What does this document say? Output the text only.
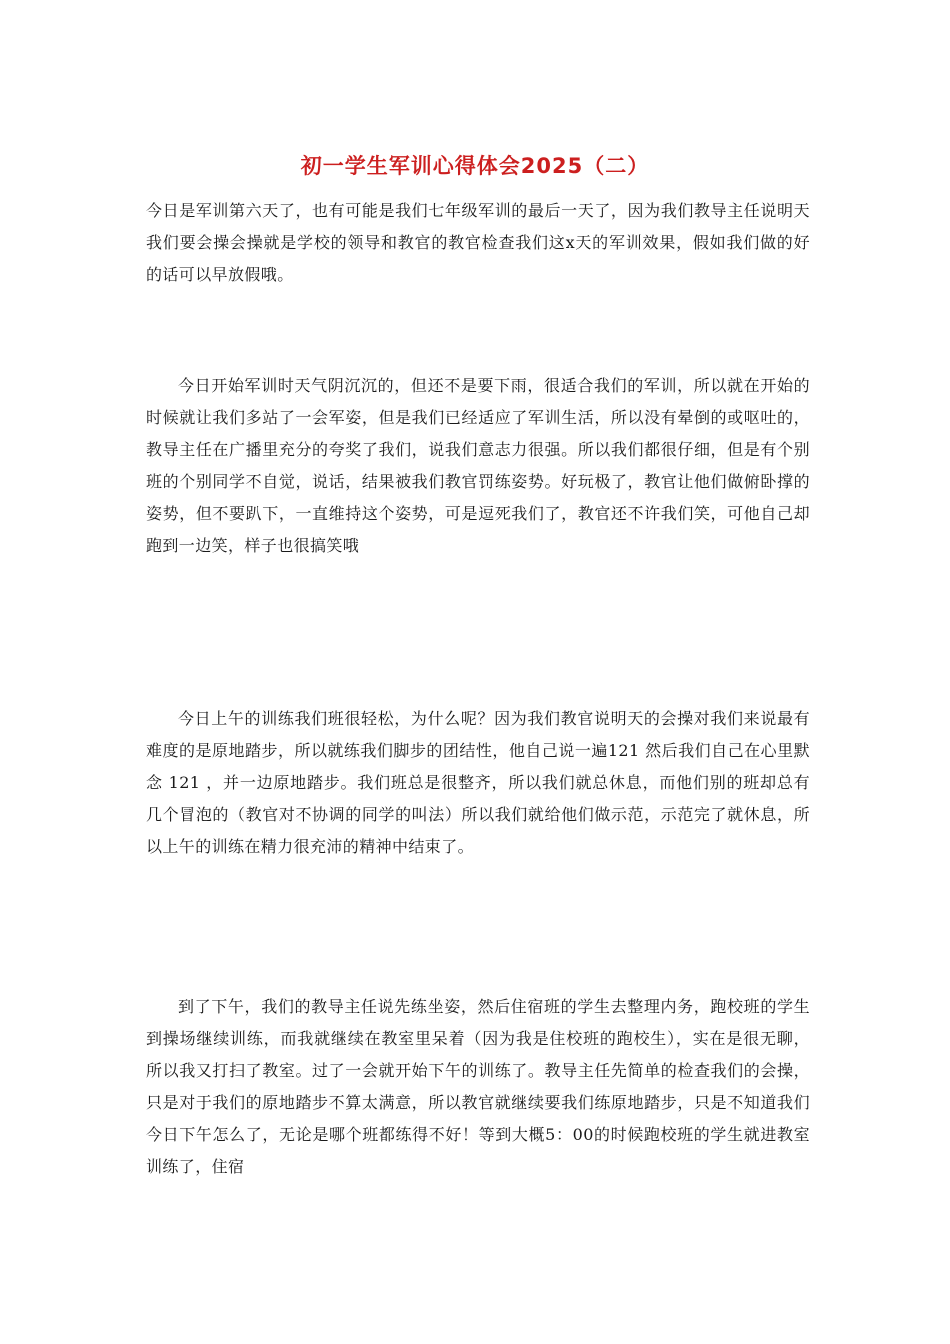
初一学生军训心得体会2025（二）

今日是军训第六天了，也有可能是我们七年级军训的最后一天了，因为我们教导主任说明天我们要会操会操就是学校的领导和教官的教官检查我们这x天的军训效果，假如我们做的好的话可以早放假哦。

今日开始军训时天气阴沉沉的，但还不是要下雨，很适合我们的军训，所以就在开始的时候就让我们多站了一会军姿，但是我们已经适应了军训生活，所以没有晕倒的或呕吐的，教导主任在广播里充分的夸奖了我们，说我们意志力很强。所以我们都很仔细，但是有个别班的个别同学不自觉，说话，结果被我们教官罚练姿势。好玩极了，教官让他们做俯卧撑的姿势，但不要趴下，一直维持这个姿势，可是逗死我们了，教官还不许我们笑，可他自己却跑到一边笑，样子也很搞笑哦

今日上午的训练我们班很轻松，为什么呢？因为我们教官说明天的会操对我们来说最有难度的是原地踏步，所以就练我们脚步的团结性，他自己说一遍121 然后我们自己在心里默念 121 ，并一边原地踏步。我们班总是很整齐，所以我们就总休息，而他们别的班却总有几个冒泡的（教官对不协调的同学的叫法）所以我们就给他们做示范，示范完了就休息，所以上午的训练在精力很充沛的精神中结束了。

到了下午，我们的教导主任说先练坐姿，然后住宿班的学生去整理内务，跑校班的学生到操场继续训练，而我就继续在教室里呆着（因为我是住校班的跑校生），实在是很无聊，所以我又打扫了教室。过了一会就开始下午的训练了。教导主任先简单的检查我们的会操，只是对于我们的原地踏步不算太满意，所以教官就继续要我们练原地踏步，只是不知道我们今日下午怎么了，无论是哪个班都练得不好！等到大概5：00的时候跑校班的学生就进教室训练了，住宿
